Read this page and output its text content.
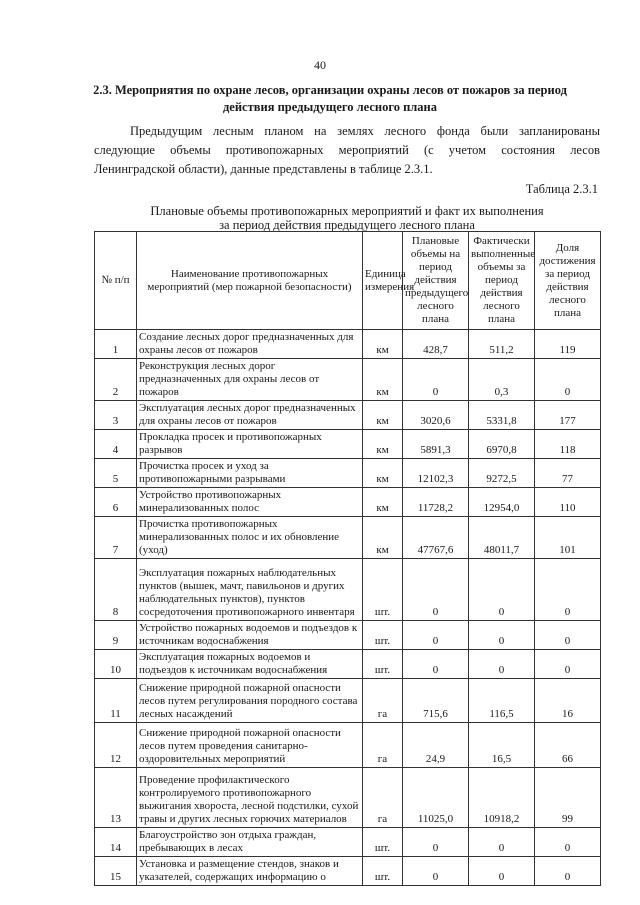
40
2.3. Мероприятия по охране лесов, организации охраны лесов от пожаров за период действия предыдущего лесного плана

Предыдущим лесным планом на землях лесного фонда были запланированы следующие объемы противопожарных мероприятий (с учетом состояния лесов Ленинградской области), данные представлены в таблице 2.3.1.

Таблица 2.3.1
Плановые объемы противопожарных мероприятий и факт их выполнения
за период действия предыдущего лесного плана
№ п/п	Наименование противопожарных мероприятий (мер пожарной безопасности)	Единица измерения	Плановые объемы на период действия предыдущего лесного плана	Фактически выполненные объемы за период действия лесного плана	Доля достижения за период действия лесного плана
1	Создание лесных дорог предназначенных для охраны лесов от пожаров	км	428,7	511,2	119
2	Реконструкция лесных дорог предназначенных для охраны лесов от пожаров	км	0	0,3	0
3	Эксплуатация лесных дорог предназначенных для охраны лесов от пожаров	км	3020,6	5331,8	177
4	Прокладка просек и противопожарных разрывов	км	5891,3	6970,8	118
5	Прочистка просек и уход за противопожарными разрывами	км	12102,3	9272,5	77
6	Устройство противопожарных минерализованных полос	км	11728,2	12954,0	110
7	Прочистка противопожарных минерализованных полос и их обновление (уход)	км	47767,6	48011,7	101
8	Эксплуатация пожарных наблюдательных пунктов (вышек, мачт, павильонов и других наблюдательных пунктов), пунктов сосредоточения противопожарного инвентаря	шт.	0	0	0
9	Устройство пожарных водоемов и подъездов к источникам водоснабжения	шт.	0	0	0
10	Эксплуатация пожарных водоемов и подъездов к источникам водоснабжения	шт.	0	0	0
11	Снижение природной пожарной опасности лесов путем регулирования породного состава лесных насаждений	га	715,6	116,5	16
12	Снижение природной пожарной опасности лесов путем проведения санитарно-оздоровительных мероприятий	га	24,9	16,5	66
13	Проведение профилактического контролируемого противопожарного выжигания хвороста, лесной подстилки, сухой травы и других лесных горючих материалов	га	11025,0	10918,2	99
14	Благоустройство зон отдыха граждан, пребывающих в лесах	шт.	0	0	0
15	Установка и размещение стендов, знаков и указателей, содержащих информацию о	шт.	0	0	0
